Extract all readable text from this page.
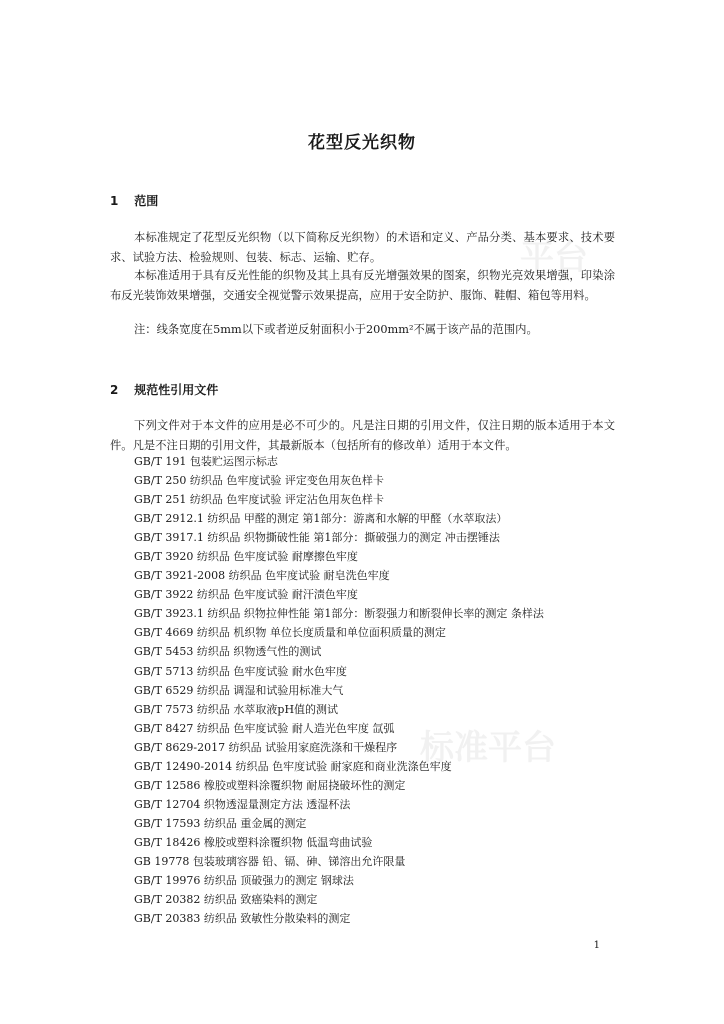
平台
标准平台
花型反光织物
1 范围

本标准规定了花型反光织物（以下简称反光织物）的术语和定义、产品分类、基本要求、技术要求、试验方法、检验规则、包装、标志、运输、贮存。

本标准适用于具有反光性能的织物及其上具有反光增强效果的图案，织物光亮效果增强，印染涂布反光装饰效果增强，交通安全视觉警示效果提高，应用于安全防护、服饰、鞋帽、箱包等用料。

注：线条宽度在5mm以下或者逆反射面积小于200mm²不属于该产品的范围内。

2 规范性引用文件

下列文件对于本文件的应用是必不可少的。凡是注日期的引用文件，仅注日期的版本适用于本文件。凡是不注日期的引用文件，其最新版本（包括所有的修改单）适用于本文件。

GB/T 191 包装贮运图示标志
GB/T 250 纺织品 色牢度试验 评定变色用灰色样卡
GB/T 251 纺织品 色牢度试验 评定沾色用灰色样卡
GB/T 2912.1 纺织品 甲醛的测定 第1部分：游离和水解的甲醛（水萃取法）
GB/T 3917.1 纺织品 织物撕破性能 第1部分：撕破强力的测定 冲击摆锤法
GB/T 3920 纺织品 色牢度试验 耐摩擦色牢度
GB/T 3921-2008 纺织品 色牢度试验 耐皂洗色牢度
GB/T 3922 纺织品 色牢度试验 耐汗渍色牢度
GB/T 3923.1 纺织品 织物拉伸性能 第1部分：断裂强力和断裂伸长率的测定 条样法
GB/T 4669 纺织品 机织物 单位长度质量和单位面积质量的测定
GB/T 5453 纺织品 织物透气性的测试
GB/T 5713 纺织品 色牢度试验 耐水色牢度
GB/T 6529 纺织品 调湿和试验用标准大气
GB/T 7573 纺织品 水萃取液pH值的测试
GB/T 8427 纺织品 色牢度试验 耐人造光色牢度 氙弧
GB/T 8629-2017 纺织品 试验用家庭洗涤和干燥程序
GB/T 12490-2014 纺织品 色牢度试验 耐家庭和商业洗涤色牢度
GB/T 12586 橡胶或塑料涂覆织物 耐屈挠破坏性的测定
GB/T 12704 织物透湿量测定方法 透湿杯法
GB/T 17593 纺织品 重金属的测定
GB/T 18426 橡胶或塑料涂覆织物 低温弯曲试验
GB 19778 包装玻璃容器 铅、镉、砷、锑溶出允许限量
GB/T 19976 纺织品 顶破强力的测定 钢球法
GB/T 20382 纺织品 致癌染料的测定
GB/T 20383 纺织品 致敏性分散染料的测定
1
